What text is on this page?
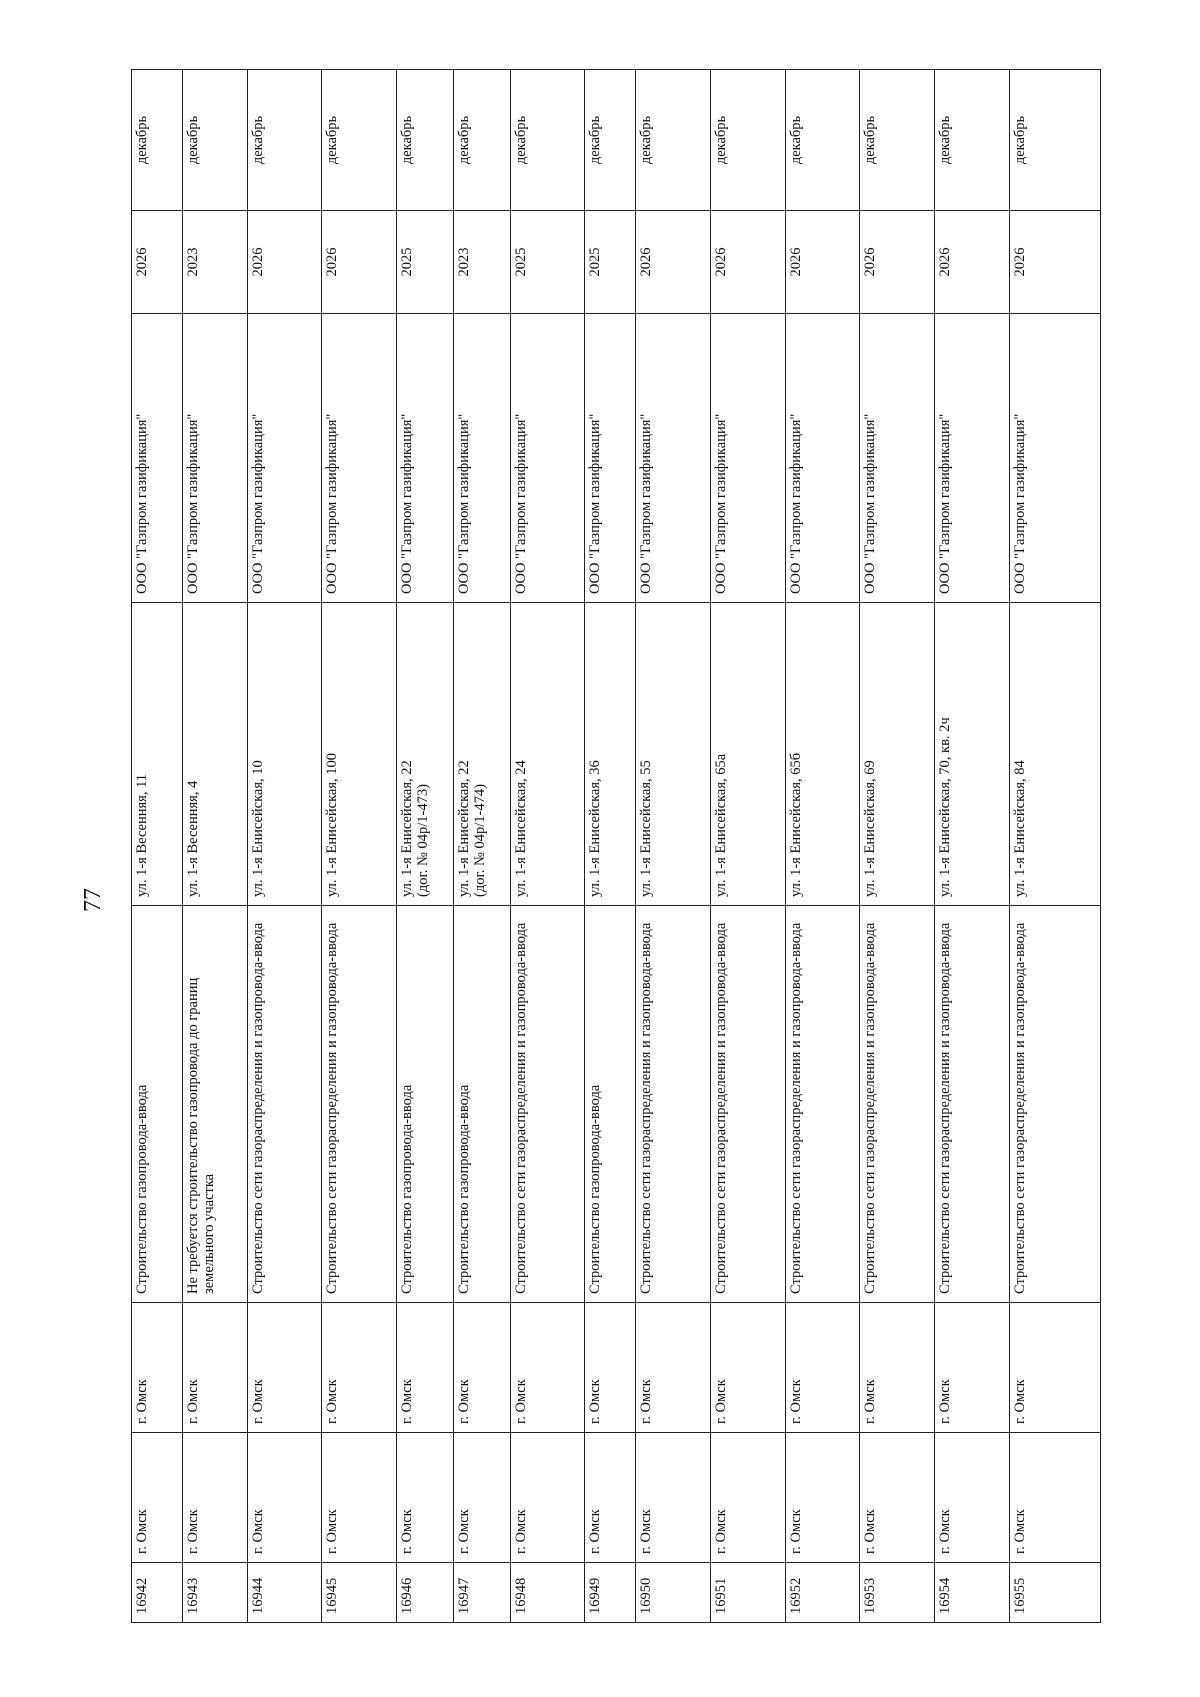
77
16942	г. Омск	г. Омск	Строительство газопровода-ввода	ул. 1-я Весенняя, 11	ООО "Газпром газификация"	2026	декабрь
16943	г. Омск	г. Омск	Не требуется строительство газопровода до границ земельного участка	ул. 1-я Весенняя, 4	ООО "Газпром газификация"	2023	декабрь
16944	г. Омск	г. Омск	Строительство сети газораспределения и газопровода-ввода	ул. 1-я Енисейская, 10	ООО "Газпром газификация"	2026	декабрь
16945	г. Омск	г. Омск	Строительство сети газораспределения и газопровода-ввода	ул. 1-я Енисейская, 100	ООО "Газпром газификация"	2026	декабрь
16946	г. Омск	г. Омск	Строительство газопровода-ввода	ул. 1-я Енисейская, 22 (дог. № 04р/1-473)	ООО "Газпром газификация"	2025	декабрь
16947	г. Омск	г. Омск	Строительство газопровода-ввода	ул. 1-я Енисейская, 22 (дог. № 04р/1-474)	ООО "Газпром газификация"	2023	декабрь
16948	г. Омск	г. Омск	Строительство сети газораспределения и газопровода-ввода	ул. 1-я Енисейская, 24	ООО "Газпром газификация"	2025	декабрь
16949	г. Омск	г. Омск	Строительство газопровода-ввода	ул. 1-я Енисейская, 36	ООО "Газпром газификация"	2025	декабрь
16950	г. Омск	г. Омск	Строительство сети газораспределения и газопровода-ввода	ул. 1-я Енисейская, 55	ООО "Газпром газификация"	2026	декабрь
16951	г. Омск	г. Омск	Строительство сети газораспределения и газопровода-ввода	ул. 1-я Енисейская, 65а	ООО "Газпром газификация"	2026	декабрь
16952	г. Омск	г. Омск	Строительство сети газораспределения и газопровода-ввода	ул. 1-я Енисейская, 65б	ООО "Газпром газификация"	2026	декабрь
16953	г. Омск	г. Омск	Строительство сети газораспределения и газопровода-ввода	ул. 1-я Енисейская, 69	ООО "Газпром газификация"	2026	декабрь
16954	г. Омск	г. Омск	Строительство сети газораспределения и газопровода-ввода	ул. 1-я Енисейская, 70, кв. 2ч	ООО "Газпром газификация"	2026	декабрь
16955	г. Омск	г. Омск	Строительство сети газораспределения и газопровода-ввода	ул. 1-я Енисейская, 84	ООО "Газпром газификация"	2026	декабрь
